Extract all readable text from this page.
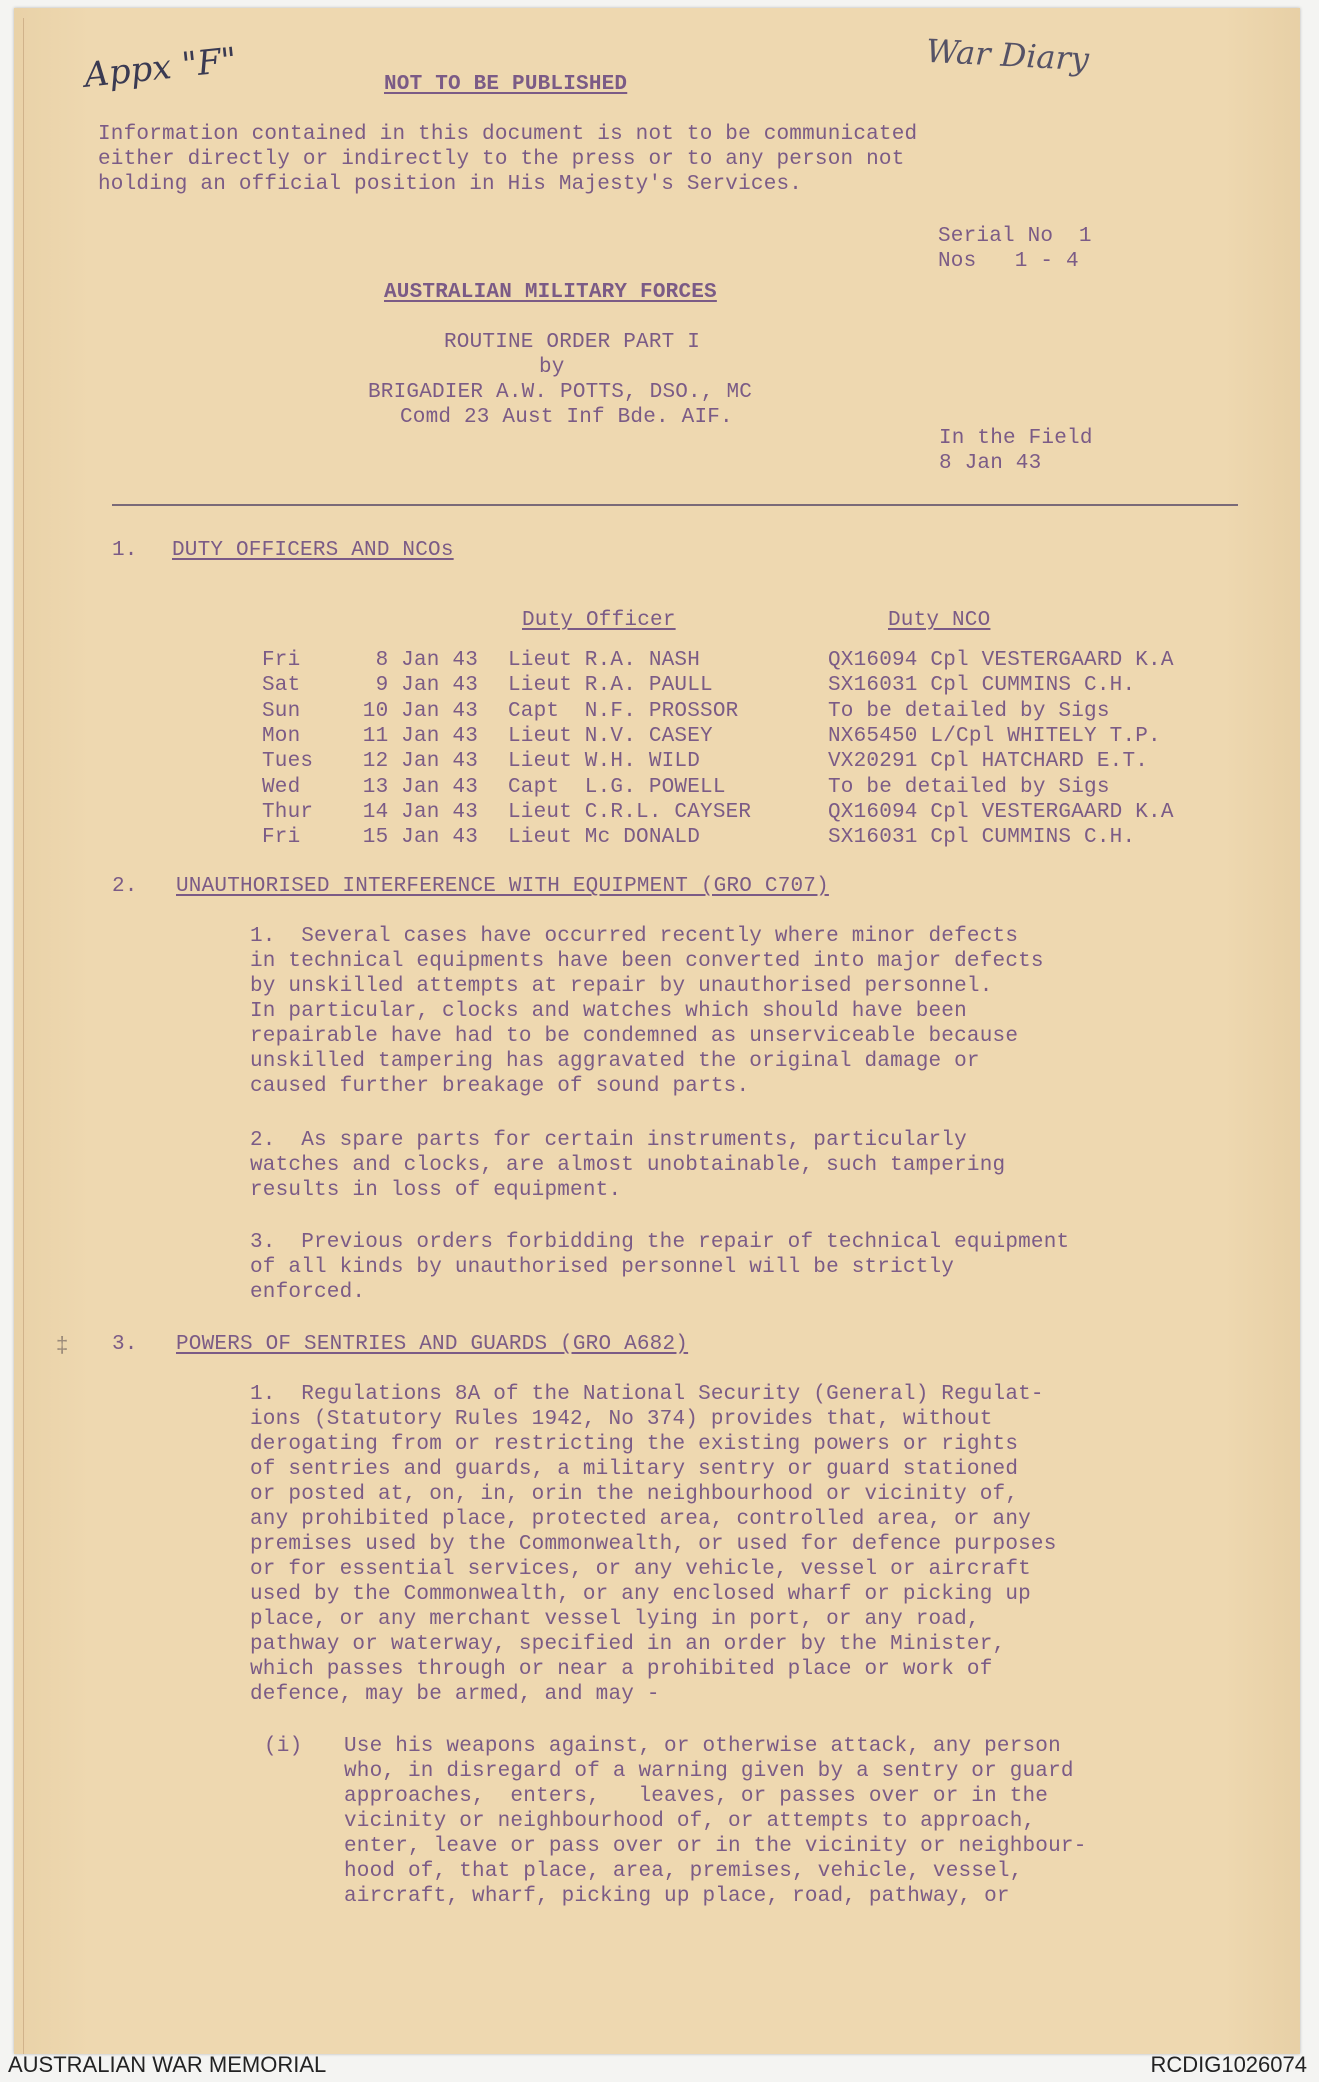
Appx "F"	War Diary
NOT TO BE PUBLISHED
Information contained in this document is not to be communicated
either directly or indirectly to the press or to any person not
holding an official position in His Majesty's Services.
Serial No  1
Nos   1 - 4
AUSTRALIAN MILITARY FORCES
ROUTINE ORDER PART I
by
BRIGADIER A.W. POTTS, DSO., MC
Comd 23 Aust Inf Bde. AIF.
In the Field
8 Jan 43
1. DUTY OFFICERS AND NCOs
Duty Officer	Duty NCO
2. UNAUTHORISED INTERFERENCE WITH EQUIPMENT (GRO C707)
1.  Several cases have occurred recently where minor defects
in technical equipments have been converted into major defects
by unskilled attempts at repair by unauthorised personnel.
In particular, clocks and watches which should have been
repairable have had to be condemned as unserviceable because
unskilled tampering has aggravated the original damage or
caused further breakage of sound parts.
2.  As spare parts for certain instruments, particularly
watches and clocks, are almost unobtainable, such tampering
results in loss of equipment.
3.  Previous orders forbidding the repair of technical equipment
of all kinds by unauthorised personnel will be strictly
enforced.
‡ 3. POWERS OF SENTRIES AND GUARDS (GRO A682)
1.  Regulations 8A of the National Security (General) Regulat-
ions (Statutory Rules 1942, No 374) provides that, without
derogating from or restricting the existing powers or rights
of sentries and guards, a military sentry or guard stationed
or posted at, on, in, orin the neighbourhood or vicinity of,
any prohibited place, protected area, controlled area, or any
premises used by the Commonwealth, or used for defence purposes
or for essential services, or any vehicle, vessel or aircraft
used by the Commonwealth, or any enclosed wharf or picking up
place, or any merchant vessel lying in port, or any road,
pathway or waterway, specified in an order by the Minister,
which passes through or near a prohibited place or work of
defence, may be armed, and may -
(i) Use his weapons against, or otherwise attack, any person
who, in disregard of a warning given by a sentry or guard
approaches,  enters,   leaves, or passes over or in the
vicinity or neighbourhood of, or attempts to approach,
enter, leave or pass over or in the vicinity or neighbour-
hood of, that place, area, premises, vehicle, vessel,
aircraft, wharf, picking up place, road, pathway, or
Fri	8 Jan 43 Lieut R.A. NASH	QX16094 Cpl VESTERGAARD K.A
Sat	9 Jan 43 Lieut R.A. PAULL	SX16031 Cpl CUMMINS C.H.
Sun	10 Jan 43 Capt  N.F. PROSSOR	To be detailed by Sigs
Mon	11 Jan 43 Lieut N.V. CASEY	NX65450 L/Cpl WHITELY T.P.
Tues 12 Jan 43 Lieut W.H. WILD	VX20291 Cpl HATCHARD E.T.
Wed	13 Jan 43 Capt  L.G. POWELL	To be detailed by Sigs
Thur 14 Jan 43 Lieut C.R.L. CAYSER	QX16094 Cpl VESTERGAARD K.A
Fri	15 Jan 43 Lieut Mc DONALD	SX16031 Cpl CUMMINS C.H.
AUSTRALIAN WAR MEMORIAL	RCDIG1026074
